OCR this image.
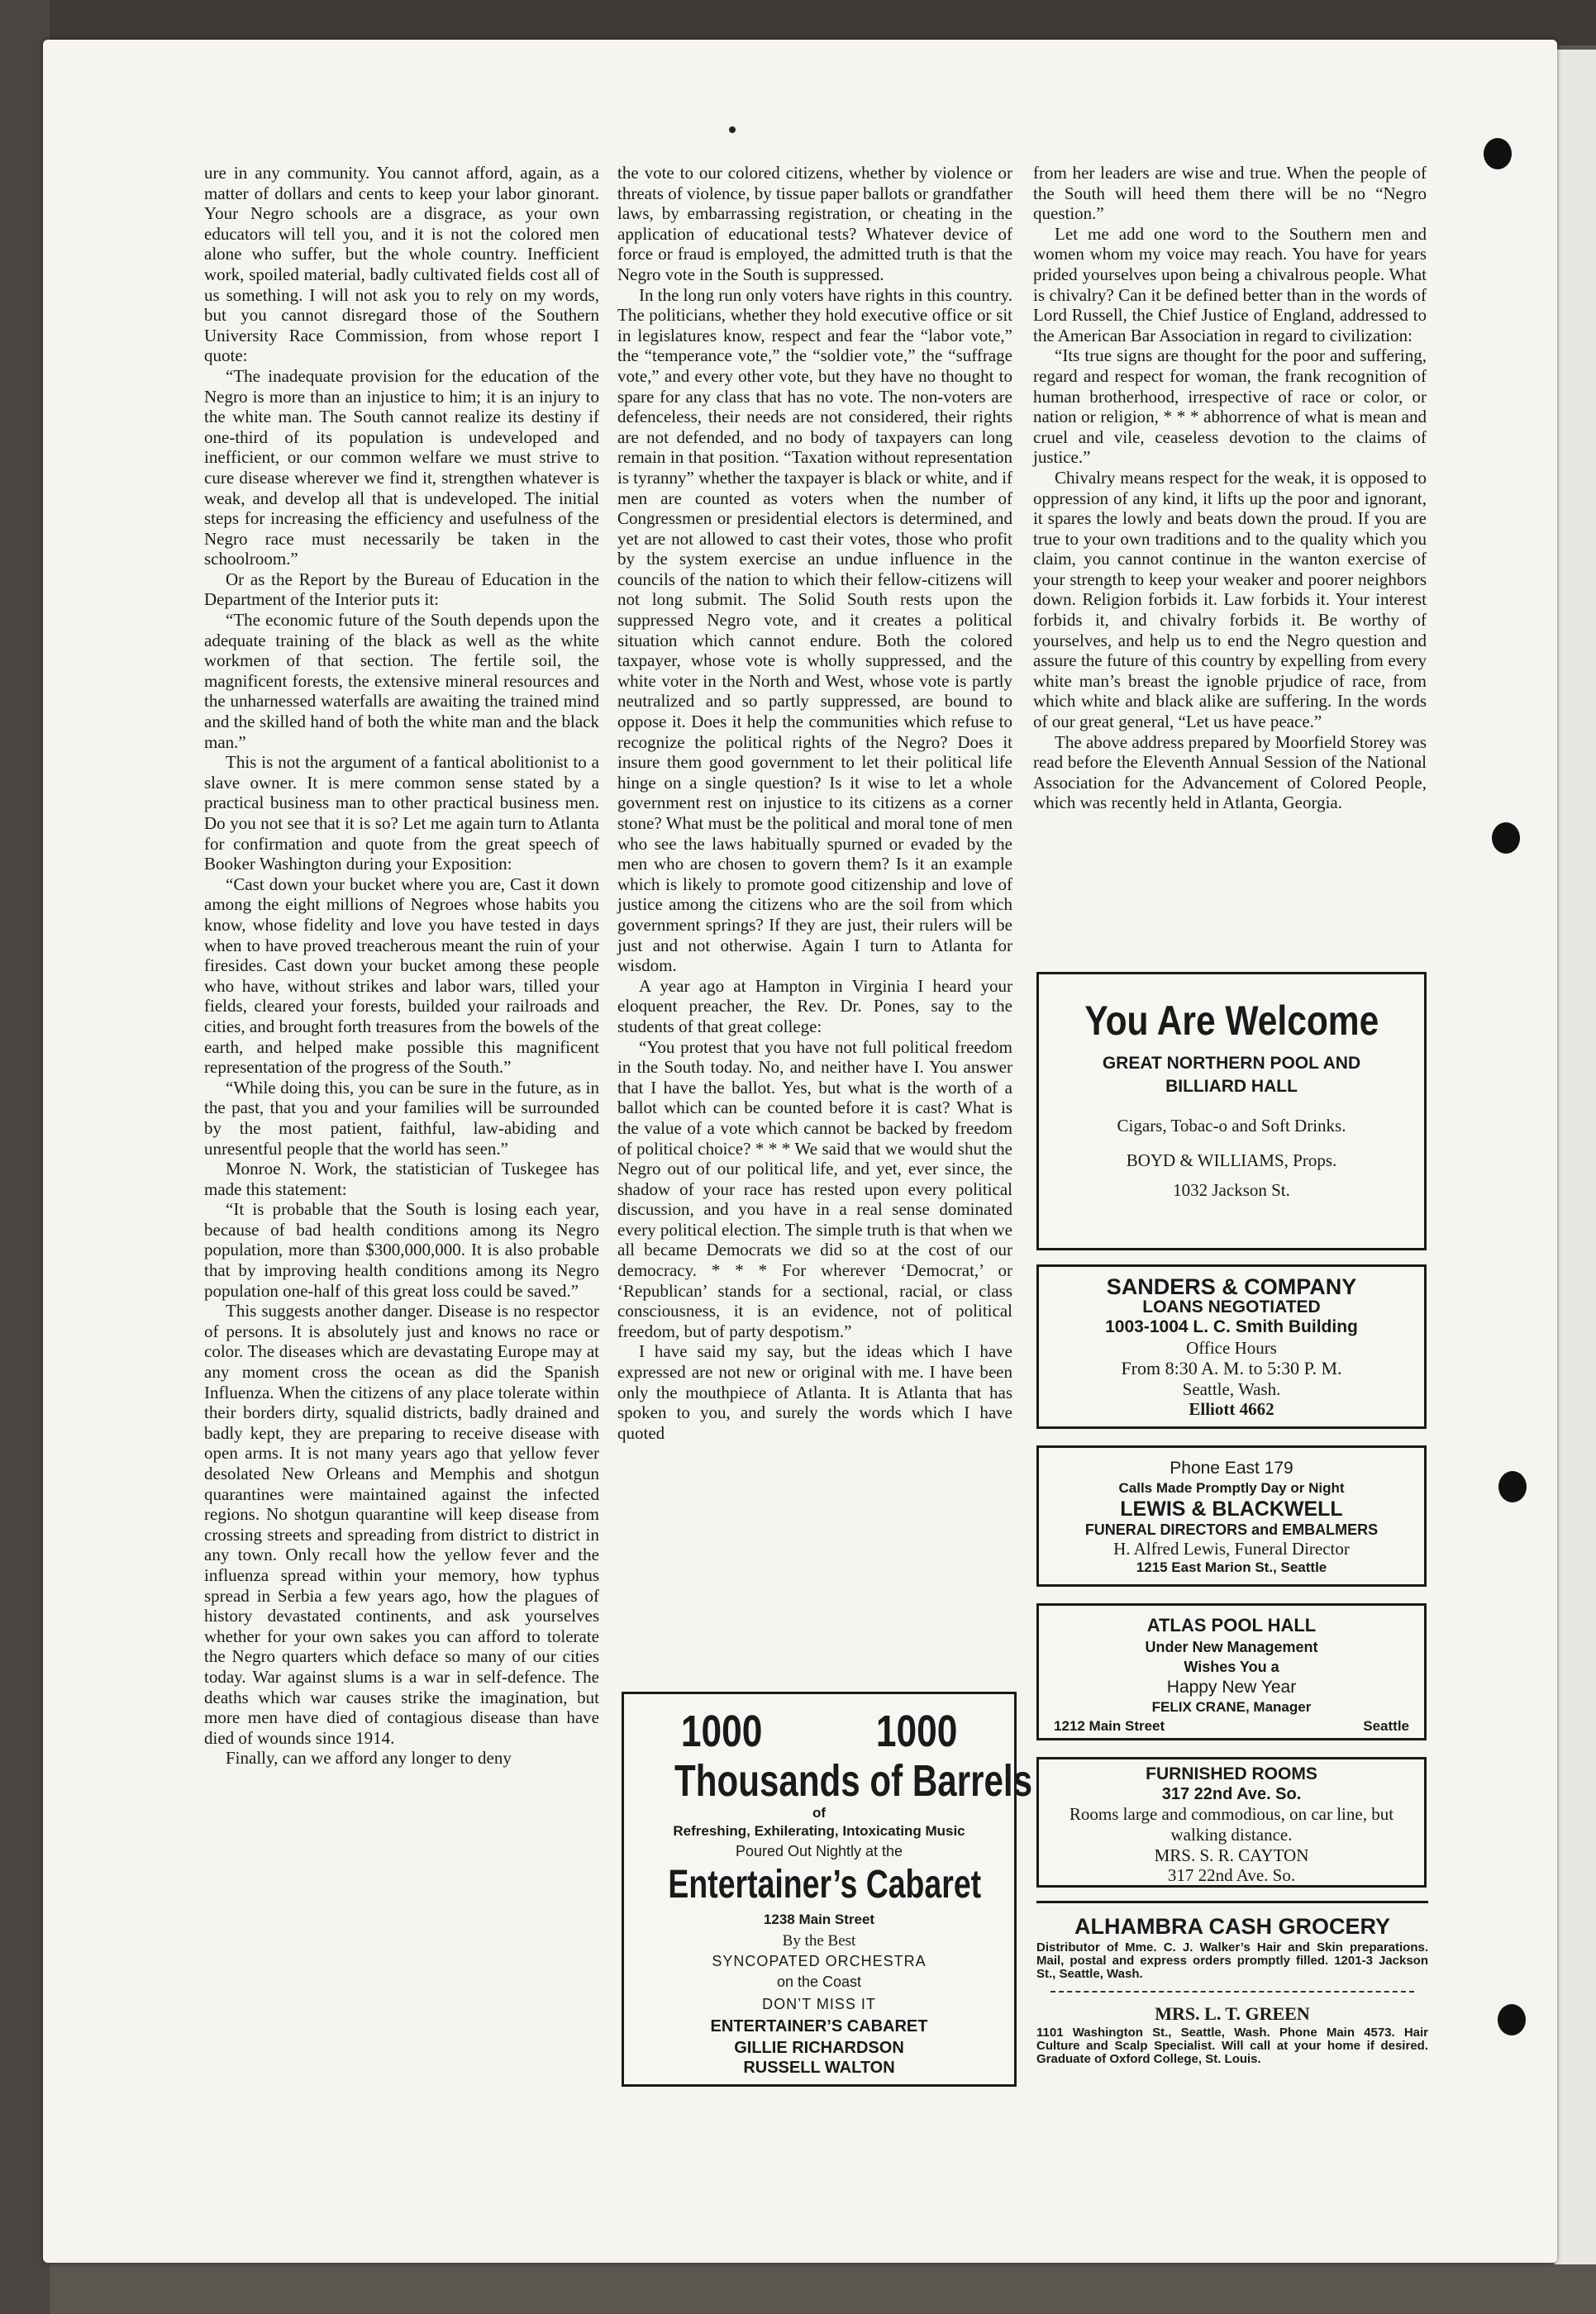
ure in any community. You cannot afford, again, as a matter of dollars and cents to keep your labor ginorant. Your Negro schools are a disgrace, as your own educators will tell you, and it is not the colored men alone who suffer, but the whole country. Inefficient work, spoiled material, badly cultivated fields cost all of us something. I will not ask you to rely on my words, but you cannot disregard those of the Southern University Race Commission, from whose report I quote:

“The inadequate provision for the education of the Negro is more than an injustice to him; it is an injury to the white man. The South cannot realize its destiny if one-third of its population is undeveloped and inefficient, or our common welfare we must strive to cure disease wherever we find it, strengthen whatever is weak, and develop all that is undeveloped. The initial steps for increasing the efficiency and usefulness of the Negro race must necessarily be taken in the schoolroom.”

Or as the Report by the Bureau of Education in the Department of the Interior puts it:

“The economic future of the South depends upon the adequate training of the black as well as the white workmen of that section. The fertile soil, the magnificent forests, the extensive mineral resources and the unharnessed waterfalls are awaiting the trained mind and the skilled hand of both the white man and the black man.”

This is not the argument of a fantical abolitionist to a slave owner. It is mere common sense stated by a practical business man to other practical business men. Do you not see that it is so? Let me again turn to Atlanta for confirmation and quote from the great speech of Booker Washington during your Exposition:

“Cast down your bucket where you are, Cast it down among the eight millions of Negroes whose habits you know, whose fidelity and love you have tested in days when to have proved treacherous meant the ruin of your firesides. Cast down your bucket among these people who have, without strikes and labor wars, tilled your fields, cleared your forests, builded your railroads and cities, and brought forth treasures from the bowels of the earth, and helped make possible this magnificent representation of the progress of the South.”

“While doing this, you can be sure in the future, as in the past, that you and your families will be surrounded by the most patient, faithful, law-abiding and unresentful people that the world has seen.”

Monroe N. Work, the statistician of Tuskegee has made this statement:

“It is probable that the South is losing each year, because of bad health conditions among its Negro population, more than $300,000,000. It is also probable that by improving health conditions among its Negro population one-half of this great loss could be saved.”

This suggests another danger. Disease is no respector of persons. It is absolutely just and knows no race or color. The diseases which are devastating Europe may at any moment cross the ocean as did the Spanish Influenza. When the citizens of any place tolerate within their borders dirty, squalid districts, badly drained and badly kept, they are preparing to receive disease with open arms. It is not many years ago that yellow fever desolated New Orleans and Memphis and shotgun quarantines were maintained against the infected regions. No shotgun quarantine will keep disease from crossing streets and spreading from district to district in any town. Only recall how the yellow fever and the influenza spread within your memory, how typhus spread in Serbia a few years ago, how the plagues of history devastated continents, and ask yourselves whether for your own sakes you can afford to tolerate the Negro quarters which deface so many of our cities today. War against slums is a war in self-defence. The deaths which war causes strike the imagination, but more men have died of contagious disease than have died of wounds since 1914.

Finally, can we afford any longer to deny

the vote to our colored citizens, whether by violence or threats of violence, by tissue paper ballots or grandfather laws, by embarrassing registration, or cheating in the application of educational tests? Whatever device of force or fraud is employed, the admitted truth is that the Negro vote in the South is suppressed.

In the long run only voters have rights in this country. The politicians, whether they hold executive office or sit in legislatures know, respect and fear the “labor vote,” the “temperance vote,” the “soldier vote,” the “suffrage vote,” and every other vote, but they have no thought to spare for any class that has no vote. The non-voters are defenceless, their needs are not considered, their rights are not defended, and no body of taxpayers can long remain in that position. “Taxation without representation is tyranny” whether the taxpayer is black or white, and if men are counted as voters when the number of Congressmen or presidential electors is determined, and yet are not allowed to cast their votes, those who profit by the system exercise an undue influence in the councils of the nation to which their fellow-citizens will not long submit. The Solid South rests upon the suppressed Negro vote, and it creates a political situation which cannot endure. Both the colored taxpayer, whose vote is wholly suppressed, and the white voter in the North and West, whose vote is partly neutralized and so partly suppressed, are bound to oppose it. Does it help the communities which refuse to recognize the political rights of the Negro? Does it insure them good government to let their political life hinge on a single question? Is it wise to let a whole government rest on injustice to its citizens as a corner stone? What must be the political and moral tone of men who see the laws habitually spurned or evaded by the men who are chosen to govern them? Is it an example which is likely to promote good citizenship and love of justice among the citizens who are the soil from which government springs? If they are just, their rulers will be just and not otherwise. Again I turn to Atlanta for wisdom.

A year ago at Hampton in Virginia I heard your eloquent preacher, the Rev. Dr. Pones, say to the students of that great college:

“You protest that you have not full political freedom in the South today. No, and neither have I. You answer that I have the ballot. Yes, but what is the worth of a ballot which can be counted before it is cast? What is the value of a vote which cannot be backed by freedom of political choice? * * * We said that we would shut the Negro out of our political life, and yet, ever since, the shadow of your race has rested upon every political discussion, and you have in a real sense dominated every political election. The simple truth is that when we all became Democrats we did so at the cost of our democracy. * * * For wherever ‘Democrat,’ or ‘Republican’ stands for a sectional, racial, or class consciousness, it is an evidence, not of political freedom, but of party despotism.”

I have said my say, but the ideas which I have expressed are not new or original with me. I have been only the mouthpiece of Atlanta. It is Atlanta that has spoken to you, and surely the words which I have quoted

from her leaders are wise and true. When the people of the South will heed them there will be no “Negro question.”

Let me add one word to the Southern men and women whom my voice may reach. You have for years prided yourselves upon being a chivalrous people. What is chivalry? Can it be defined better than in the words of Lord Russell, the Chief Justice of England, addressed to the American Bar Association in regard to civilization:

“Its true signs are thought for the poor and suffering, regard and respect for woman, the frank recognition of human brotherhood, irrespective of race or color, or nation or religion, * * * abhorrence of what is mean and cruel and vile, ceaseless devotion to the claims of justice.”

Chivalry means respect for the weak, it is opposed to oppression of any kind, it lifts up the poor and ignorant, it spares the lowly and beats down the proud. If you are true to your own traditions and to the quality which you claim, you cannot continue in the wanton exercise of your strength to keep your weaker and poorer neighbors down. Religion forbids it. Law forbids it. Your interest forbids it, and chivalry forbids it. Be worthy of yourselves, and help us to end the Negro question and assure the future of this country by expelling from every white man’s breast the ignoble prjudice of race, from which white and black alike are suffering. In the words of our great general, “Let us have peace.”

The above address prepared by Moorfield Storey was read before the Eleventh Annual Session of the National Association for the Advancement of Colored People, which was recently held in Atlanta, Georgia.

1000	1000
Thousands of Barrels
of
Refreshing, Exhilerating, Intoxicating Music
Poured Out Nightly at the
Entertainer’s Cabaret
1238 Main Street
By the Best
SYNCOPATED ORCHESTRA
on the Coast
DON’T MISS IT
ENTERTAINER’S CABARET
GILLIE RICHARDSON
RUSSELL WALTON
You Are Welcome
GREAT NORTHERN POOL AND
BILLIARD HALL
Cigars, Tobac‑o and Soft Drinks.
BOYD & WILLIAMS, Props.
1032 Jackson St.
SANDERS & COMPANY
LOANS NEGOTIATED
1003-1004 L. C. Smith Building
Office Hours
From 8:30 A. M. to 5:30 P. M.
Seattle, Wash.
Elliott 4662
Phone East 179
Calls Made Promptly Day or Night
LEWIS & BLACKWELL
FUNERAL DIRECTORS and EMBALMERS
H. Alfred Lewis, Funeral Director
1215 East Marion St., Seattle
ATLAS POOL HALL
Under New Management
Wishes You a
Happy New Year
FELIX CRANE, Manager
1212 Main Street	Seattle
FURNISHED ROOMS
317 22nd Ave. So.
Rooms large and commodious, on car line, but walking distance.
MRS. S. R. CAYTON
317 22nd Ave. So.
ALHAMBRA CASH GROCERY
Distributor of Mme. C. J. Walker’s Hair and Skin preparations. Mail, postal and express orders promptly filled. 1201-3 Jackson St., Seattle, Wash.
MRS. L. T. GREEN
1101 Washington St., Seattle, Wash. Phone Main 4573. Hair Culture and Scalp Specialist. Will call at your home if desired. Graduate of Oxford College, St. Louis.
